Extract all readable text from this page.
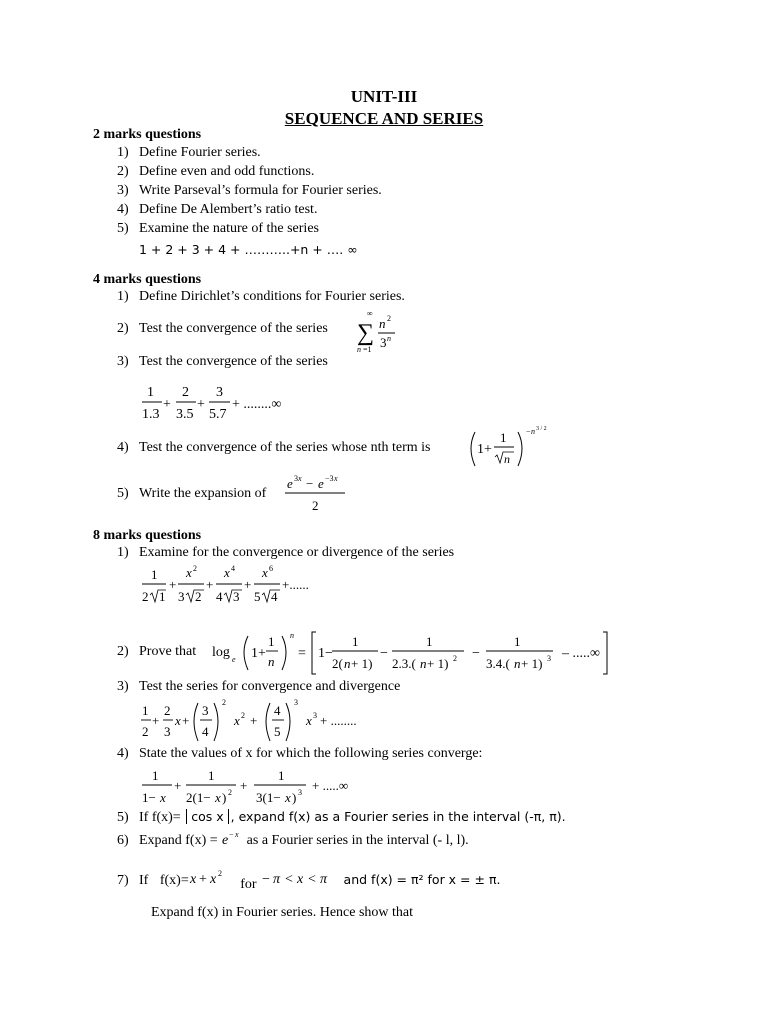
UNIT-III
SEQUENCE AND SERIES
2 marks questions
1) Define Fourier series.
2) Define even and odd functions.
3) Write Parseval’s formula for Fourier series.
4) Define De Alembert’s ratio test.
5) Examine the nature of the series
1 + 2 + 3 + 4 + ………..+n + …. ∞
4 marks questions
1) Define Dirichlet’s conditions for Fourier series.
2) Test the convergence of the series
∞
∑
n =1
n 2
3 n
3) Test the convergence of the series
1
1.3
+
2
3.5
+
3
5.7
+ ........∞
4) Test the convergence of the series whose nth term is	1+
1
n
− n 3 / 2
5) Write the expansion of
e 3 x − e −3 x
2
8 marks questions
1) Examine for the convergence or divergence of the series
1
2 1
+
x 2
3 2
+
x 4
4 3
+
x 6
5 4
+......
2) Prove that log e 1+
1
n
n
= 1−
1
2( n + 1)
−
1
2.3.( n + 1) 2 −
1
3.4.( n + 1) 3 – .....∞
3) Test the series for convergence and divergence
1
2
+
2
3
x +
3
4
2
x 2 +
4
5
3
x 3 + ........
4) State the values of x for which the following series converge:
1
1− x
+
1
2(1− x ) 2 +
1
3(1− x ) 3 + .....∞
5) If f(x)= cos x , expand f(x) as a Fourier series in the interval (-π, π).
6) Expand f(x) = e − x as a Fourier series in the interval (- l, l).
7) If f(x)= x + x 2
for − π < x < π and f(x) = π² for x = ± π.
Expand f(x) in Fourier series. Hence show that
